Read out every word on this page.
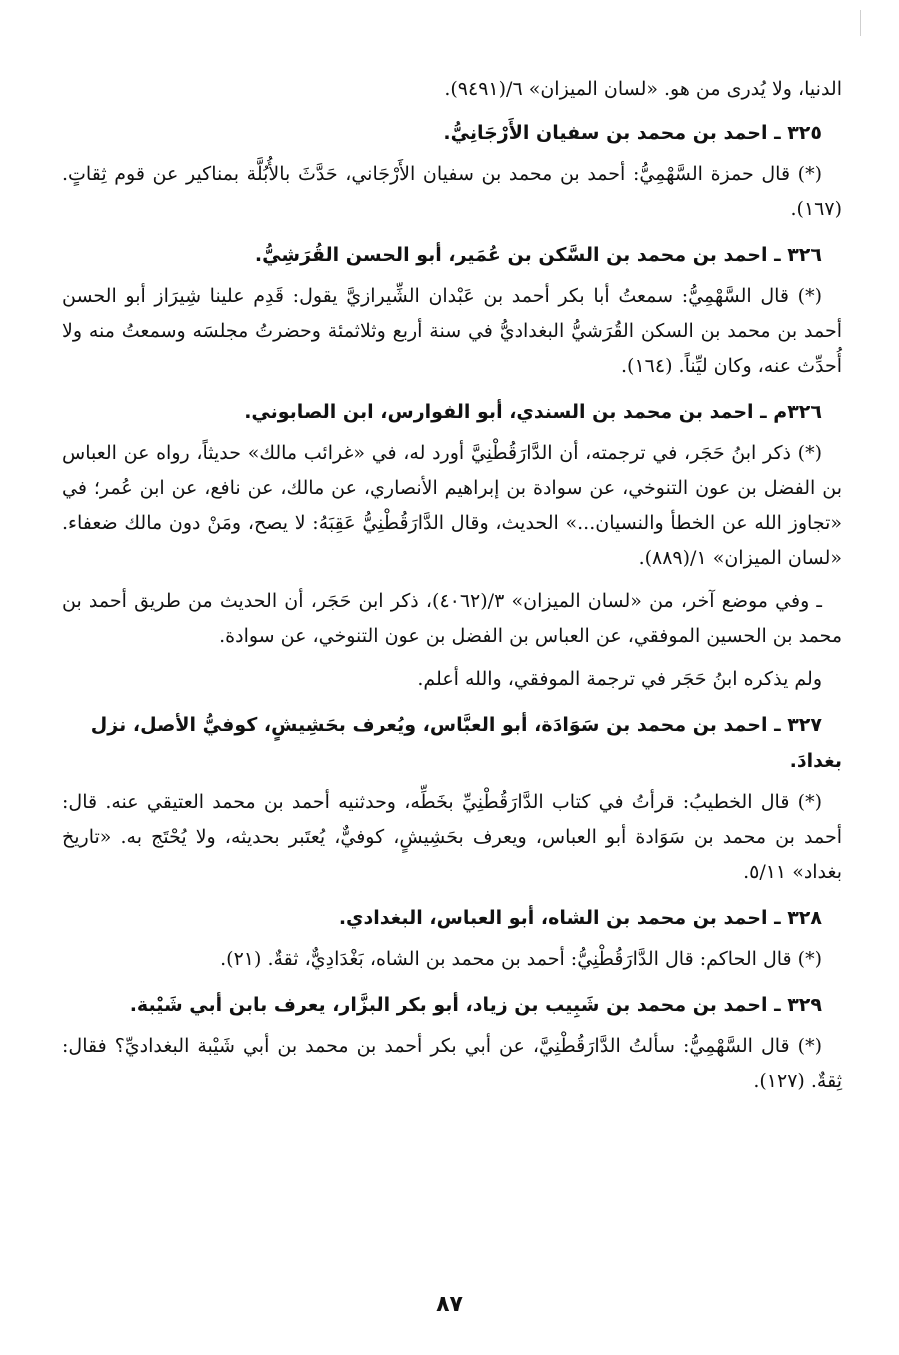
الدنيا، ولا يُدرى من هو. «لسان الميزان» ٦/(٩٤٩١).

٣٢٥ ـ احمد بن محمد بن سفيان الأَرْجَانِيُّ.

(*) قال حمزة السَّهْمِيُّ: أحمد بن محمد بن سفيان الأَرْجَاني، حَدَّثَ بالأُبُلَّة بمناكير عن قوم ثِقاتٍ. (١٦٧).

٣٢٦ ـ احمد بن محمد بن السَّكن بن عُمَير، أبو الحسن القُرَشِيُّ.

(*) قال السَّهْمِيُّ: سمعتُ أبا بكر أحمد بن عَبْدان الشِّيرازيَّ يقول: قَدِم علينا شِيرَاز أبو الحسن أحمد بن محمد بن السكن القُرَشيُّ البغداديُّ في سنة أربع وثلاثمئة وحضرتُ مجلسَه وسمعتُ منه ولا أُحدِّث عنه، وكان ليِّناً. (١٦٤).

٣٢٦م ـ احمد بن محمد بن السندي، أبو الفوارس، ابن الصابوني.

(*) ذكر ابنُ حَجَر، في ترجمته، أن الدَّارَقُطْنِيَّ أورد له، في «غرائب مالك» حديثاً، رواه عن العباس بن الفضل بن عون التنوخي، عن سوادة بن إبراهيم الأنصاري، عن مالك، عن نافع، عن ابن عُمر؛ في «تجاوز الله عن الخطأ والنسيان...» الحديث، وقال الدَّارَقُطْنِيُّ عَقِبَهُ: لا يصح، ومَنْ دون مالك ضعفاء. «لسان الميزان» ١/(٨٨٩).

ـ وفي موضع آخر، من «لسان الميزان» ٣/(٤٠٦٢)، ذكر ابن حَجَر، أن الحديث من طريق أحمد بن محمد بن الحسين الموفقي، عن العباس بن الفضل بن عون التنوخي، عن سوادة.

ولم يذكره ابنُ حَجَر في ترجمة الموفقي، والله أعلم.

٣٢٧ ـ احمد بن محمد بن سَوَادَة، أبو العبَّاس، ويُعرف بحَشِيشٍ، كوفيُّ الأصل، نزل بغدادَ.

(*) قال الخطيبُ: قرأتُ في كتاب الدَّارَقُطْنِيِّ بخَطِّه، وحدثنيه أحمد بن محمد العتيقي عنه. قال: أحمد بن محمد بن سَوَادة أبو العباس، ويعرف بحَشِيشٍ، كوفيٌّ، يُعتَبر بحديثه، ولا يُحْتَج به. «تاريخ بغداد» ٥/١١.

٣٢٨ ـ احمد بن محمد بن الشاه، أبو العباس، البغدادي.

(*) قال الحاكم: قال الدَّارَقُطْنِيُّ: أحمد بن محمد بن الشاه، بَغْدَادِيٌّ، ثقةٌ. (٢١).

٣٢٩ ـ احمد بن محمد بن شَبِيب بن زياد، أبو بكر البزَّار، يعرف بابن أبي شَيْبة.

(*) قال السَّهْمِيُّ: سألتُ الدَّارَقُطْنِيَّ، عن أبي بكر أحمد بن محمد بن أبي شَيْبة البغداديِّ؟ فقال: ثِقةٌ. (١٢٧).

٨٧
